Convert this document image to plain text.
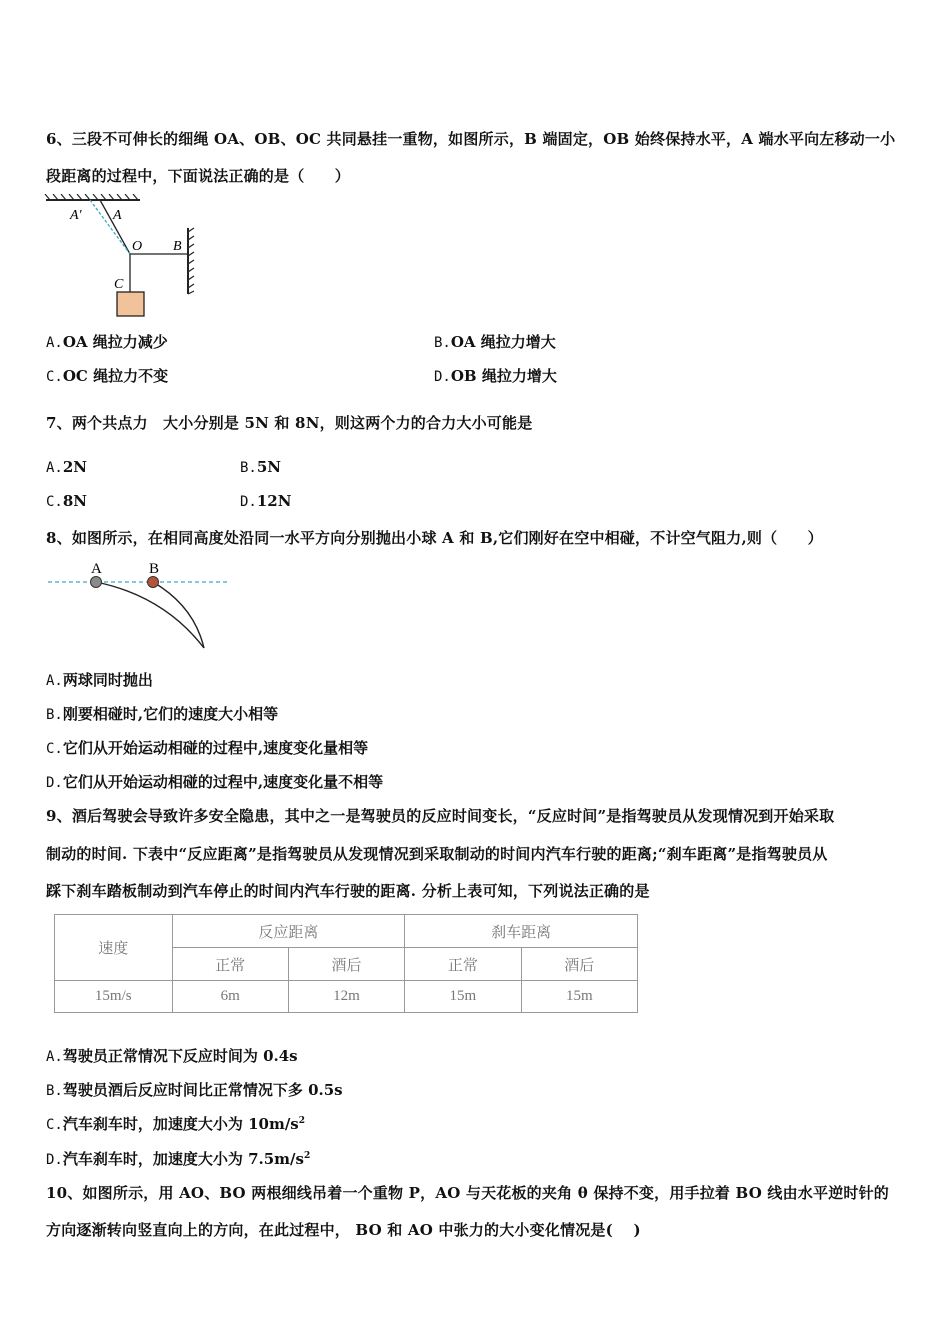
6、三段不可伸长的细绳 OA、OB、OC 共同悬挂一重物，如图所示，B 端固定，OB 始终保持水平，A 端水平向左移动一小
段距离的过程中，下面说法正确的是（　　）
A' A
O B
C
A.OA 绳拉力减少	B.OA 绳拉力增大
C.OC 绳拉力不变	D.OB 绳拉力增大
7、两个共点力　大小分别是 5N 和 8N，则这两个力的合力大小可能是
A.2N	B.5N
C.8N	D.12N
8、如图所示，在相同高度处沿同一水平方向分别抛出小球 A 和 B,它们刚好在空中相碰，不计空气阻力,则（　　）
A	B
A.两球同时抛出
B.刚要相碰时,它们的速度大小相等
C.它们从开始运动相碰的过程中,速度变化量相等
D.它们从开始运动相碰的过程中,速度变化量不相等
9、酒后驾驶会导致许多安全隐患，其中之一是驾驶员的反应时间变长，“反应时间”是指驾驶员从发现情况到开始采取
制动的时间. 下表中“反应距离”是指驾驶员从发现情况到采取制动的时间内汽车行驶的距离;“刹车距离”是指驾驶员从
踩下刹车踏板制动到汽车停止的时间内汽车行驶的距离. 分析上表可知，下列说法正确的是
速度	反应距离		刹车距离	
	正常	酒后	正常	酒后
15m/s	6m	12m	15m	15m
A.驾驶员正常情况下反应时间为 0.4s
B.驾驶员酒后反应时间比正常情况下多 0.5s
C.汽车刹车时，加速度大小为 $10m/s^2$
D.汽车刹车时，加速度大小为 $7.5m/s^2$
10、如图所示，用 AO、BO 两根细线吊着一个重物 P，AO 与天花板的夹角 θ 保持不变，用手拉着 BO 线由水平逆时针的
方向逐渐转向竖直向上的方向，在此过程中， BO 和 AO 中张力的大小变化情况是(　 )
